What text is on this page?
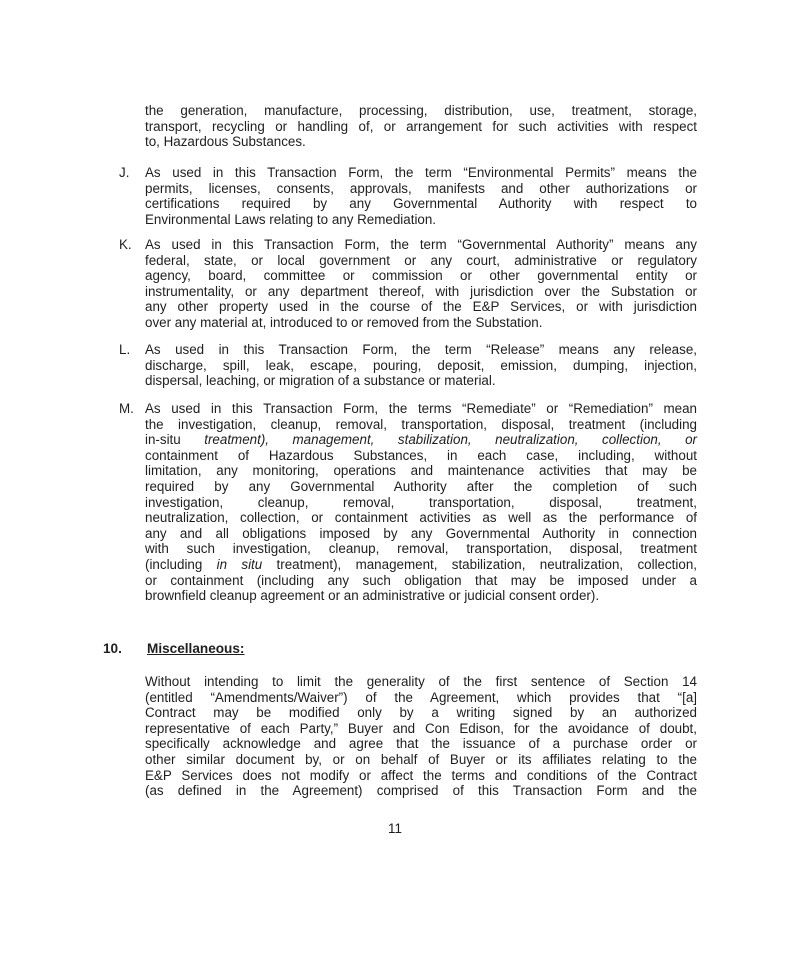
the generation, manufacture, processing, distribution, use, treatment, storage,

transport, recycling or handling of, or arrangement for such activities with respect

to, Hazardous Substances.

J. As used in this Transaction Form, the term “Environmental Permits” means the

permits, licenses, consents, approvals, manifests and other authorizations or

certifications required by any Governmental Authority with respect to

Environmental Laws relating to any Remediation.

K. As used in this Transaction Form, the term “Governmental Authority” means any

federal, state, or local government or any court, administrative or regulatory

agency, board, committee or commission or other governmental entity or

instrumentality, or any department thereof, with jurisdiction over the Substation or

any other property used in the course of the E&P Services, or with jurisdiction

over any material at, introduced to or removed from the Substation.

L. As used in this Transaction Form, the term “Release” means any release,

discharge, spill, leak, escape, pouring, deposit, emission, dumping, injection,

dispersal, leaching, or migration of a substance or material.

M. As used in this Transaction Form, the terms “Remediate” or “Remediation” mean

the investigation, cleanup, removal, transportation, disposal, treatment (including

in-situ treatment), management, stabilization, neutralization, collection, or

containment of Hazardous Substances, in each case, including, without

limitation, any monitoring, operations and maintenance activities that may be

required by any Governmental Authority after the completion of such

investigation, cleanup, removal, transportation, disposal, treatment,

neutralization, collection, or containment activities as well as the performance of

any and all obligations imposed by any Governmental Authority in connection

with such investigation, cleanup, removal, transportation, disposal, treatment

(including in situ treatment), management, stabilization, neutralization, collection,

or containment (including any such obligation that may be imposed under a

brownfield cleanup agreement or an administrative or judicial consent order).

10. Miscellaneous:

Without intending to limit the generality of the first sentence of Section 14

(entitled “Amendments/Waiver”) of the Agreement, which provides that “[a]

Contract may be modified only by a writing signed by an authorized

representative of each Party,” Buyer and Con Edison, for the avoidance of doubt,

specifically acknowledge and agree that the issuance of a purchase order or

other similar document by, or on behalf of Buyer or its affiliates relating to the

E&P Services does not modify or affect the terms and conditions of the Contract

(as defined in the Agreement) comprised of this Transaction Form and the

11
